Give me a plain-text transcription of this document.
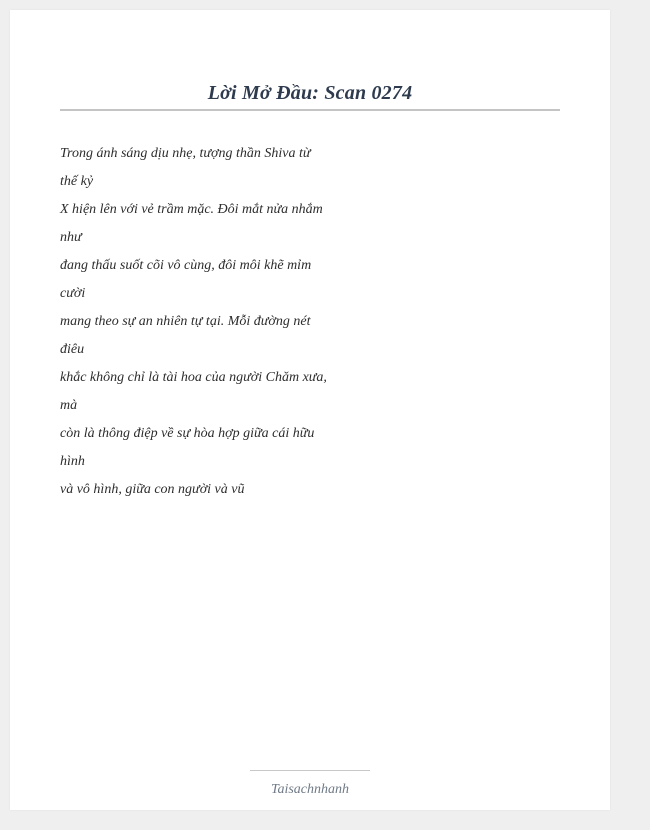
Lời Mở Đầu: Scan 0274
Trong ánh sáng dịu nhẹ, tượng thần Shiva từ
thế kỷ
X hiện lên với vẻ trầm mặc. Đôi mắt nửa nhắm
như
đang thấu suốt cõi vô cùng, đôi môi khẽ mỉm
cười
mang theo sự an nhiên tự tại. Mỗi đường nét
điêu
khắc không chỉ là tài hoa của người Chăm xưa,
mà
còn là thông điệp về sự hòa hợp giữa cái hữu
hình
và vô hình, giữa con người và vũ

Taisachnhanh
